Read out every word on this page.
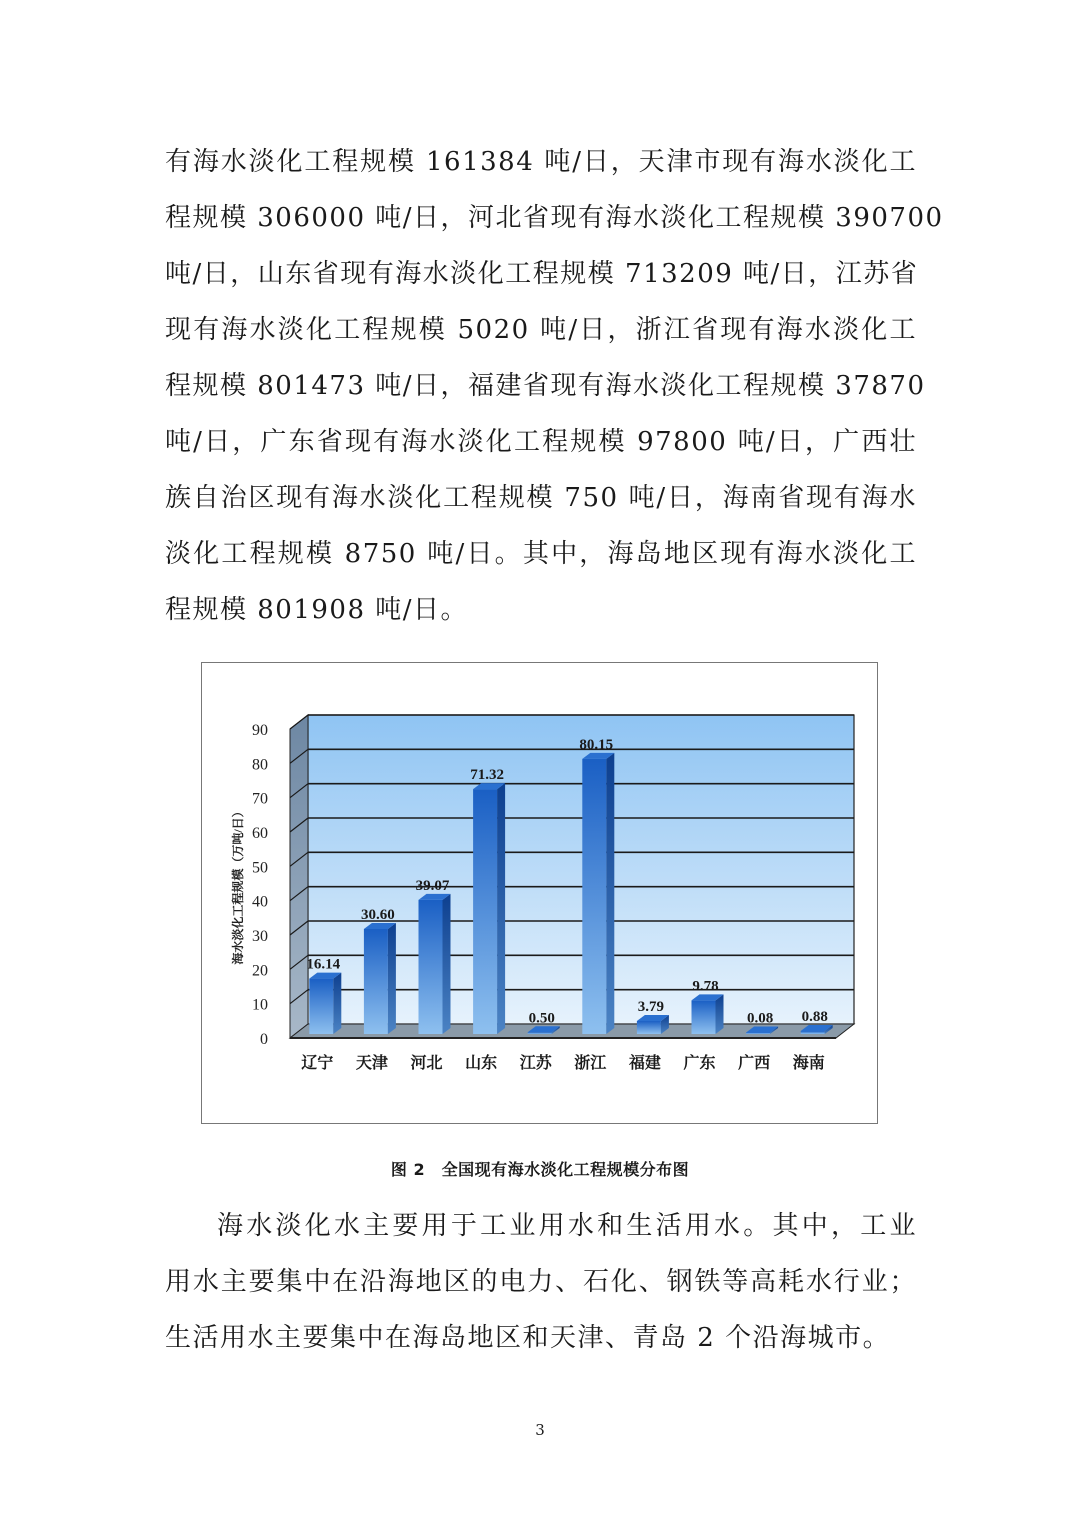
有海水淡化工程规模 161384 吨/日，天津市现有海水淡化工
程规模 306000 吨/日，河北省现有海水淡化工程规模 390700
吨/日，山东省现有海水淡化工程规模 713209 吨/日，江苏省
现有海水淡化工程规模 5020 吨/日，浙江省现有海水淡化工
程规模 801473 吨/日，福建省现有海水淡化工程规模 37870
吨/日，广东省现有海水淡化工程规模 97800 吨/日，广西壮
族自治区现有海水淡化工程规模 750 吨/日，海南省现有海水
淡化工程规模 8750 吨/日。其中，海岛地区现有海水淡化工
程规模 801908 吨/日。
0
10
20
30
40
50
60
70
80
90
16.14
辽宁
30.60
天津
39.07
河北
71.32
山东
0.50
江苏
80.15
浙江
3.79
福建
9.78
广东
0.08
广西
0.88
海南
海水淡化工程规模（万吨/日）
图 2　全国现有海水淡化工程规模分布图
海水淡化水主要用于工业用水和生活用水。其中，工业
用水主要集中在沿海地区的电力、石化、钢铁等高耗水行业；
生活用水主要集中在海岛地区和天津、青岛 2 个沿海城市。
3
